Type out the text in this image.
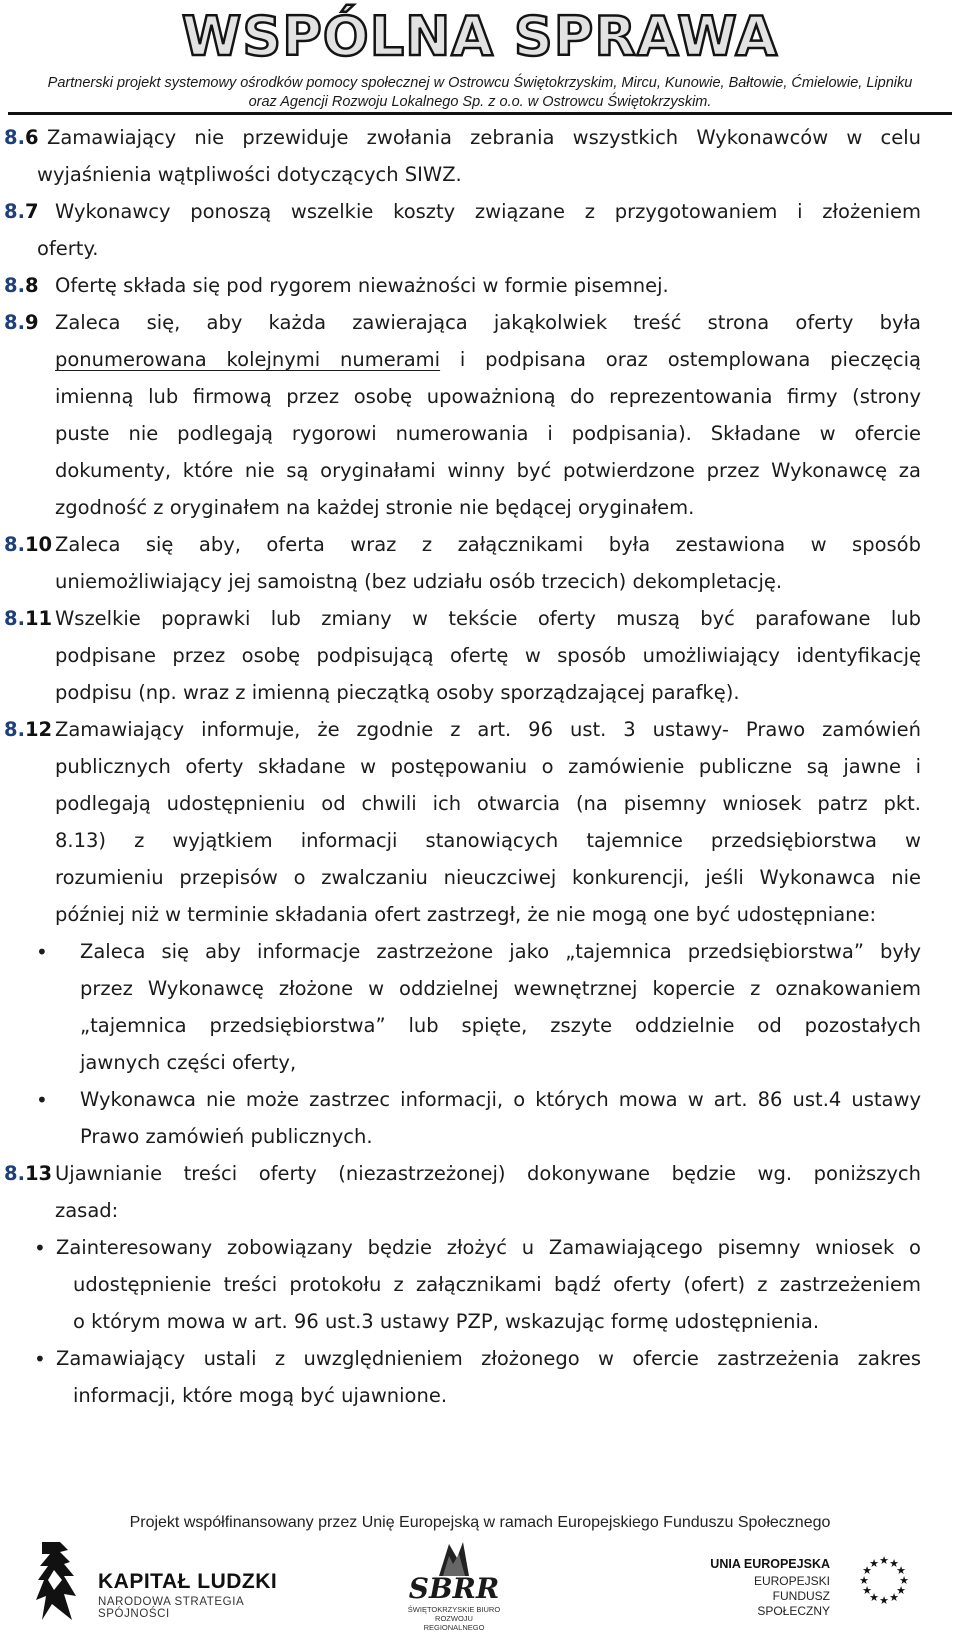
WSPÓLNA SPRAWA
Partnerski projekt systemowy ośrodków pomocy społecznej w Ostrowcu Świętokrzyskim, Mircu, Kunowie, Bałtowie, Ćmielowie, Lipniku
oraz Agencji Rozwoju Lokalnego Sp. z o.o. w Ostrowcu Świętokrzyskim.
8.6 Zamawiający nie przewiduje zwołania zebrania wszystkich Wykonawców w celu
wyjaśnienia wątpliwości dotyczących SIWZ.
8.7 Wykonawcy ponoszą wszelkie koszty związane z przygotowaniem i złożeniem
oferty.
8.8 Ofertę składa się pod rygorem nieważności w formie pisemnej.
8.9 Zaleca się, aby każda zawierająca jakąkolwiek treść strona oferty była
ponumerowana kolejnymi numerami i podpisana oraz ostemplowana pieczęcią
imienną lub firmową przez osobę upoważnioną do reprezentowania firmy (strony
puste nie podlegają rygorowi numerowania i podpisania). Składane w ofercie
dokumenty, które nie są oryginałami winny być potwierdzone przez Wykonawcę za
zgodność z oryginałem na każdej stronie nie będącej oryginałem.
8.10 Zaleca się aby, oferta wraz z załącznikami była zestawiona w sposób
uniemożliwiający jej samoistną (bez udziału osób trzecich) dekompletację.
8.11 Wszelkie poprawki lub zmiany w tekście oferty muszą być parafowane lub
podpisane przez osobę podpisującą ofertę w sposób umożliwiający identyfikację
podpisu (np. wraz z imienną pieczątką osoby sporządzającej parafkę).
8.12 Zamawiający informuje, że zgodnie z art. 96 ust. 3 ustawy- Prawo zamówień
publicznych oferty składane w postępowaniu o zamówienie publiczne są jawne i
podlegają udostępnieniu od chwili ich otwarcia (na pisemny wniosek patrz pkt.
8.13) z wyjątkiem informacji stanowiących tajemnice przedsiębiorstwa w
rozumieniu przepisów o zwalczaniu nieuczciwej konkurencji, jeśli Wykonawca nie
później niż w terminie składania ofert zastrzegł, że nie mogą one być udostępniane:
• Zaleca się aby informacje zastrzeżone jako „tajemnica przedsiębiorstwa” były
przez Wykonawcę złożone w oddzielnej wewnętrznej kopercie z oznakowaniem
„tajemnica przedsiębiorstwa” lub spięte, zszyte oddzielnie od pozostałych
jawnych części oferty,
• Wykonawca nie może zastrzec informacji, o których mowa w art. 86 ust.4 ustawy
Prawo zamówień publicznych.
8.13 Ujawnianie treści oferty (niezastrzeżonej) dokonywane będzie wg. poniższych
zasad:
• Zainteresowany zobowiązany będzie złożyć u Zamawiającego pisemny wniosek o
udostępnienie treści protokołu z załącznikami bądź oferty (ofert) z zastrzeżeniem
o którym mowa w art. 96 ust.3 ustawy PZP, wskazując formę udostępnienia.
• Zamawiający ustali z uwzględnieniem złożonego w ofercie zastrzeżenia zakres
informacji, które mogą być ujawnione.
Projekt współfinansowany przez Unię Europejską w ramach Europejskiego Funduszu Społecznego
KAPITAŁ LUDZKI
NARODOWA STRATEGIA SPÓJNOŚCI
SBRR
ŚWIĘTOKRZYSKIE BIURO
ROZWOJU REGIONALNEGO
UNIA EUROPEJSKA
EUROPEJSKI
FUNDUSZ SPOŁECZNY
★ ★
★
★
★
★
★
★
★
★
★
★
